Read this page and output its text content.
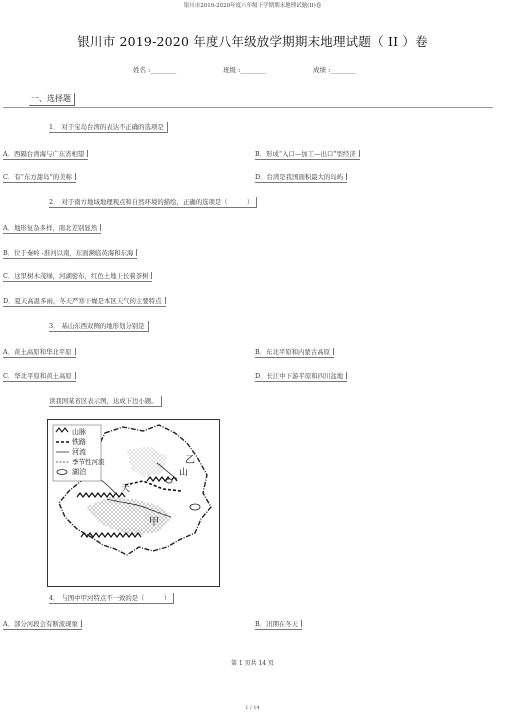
银川市2019-2020年度八年级下学期期末地理试题(II)卷
银川市 2019-2020 年度八年级放学期期末地理试题（ II ）卷
姓名 :________	班级 :________	成绩 :________
一、选择题
1． 对于宝岛台湾的表达不正确的选项是
A．西隔台湾海与广东省相望	B．形成“入口—加工—出口”型经济
C．有“东方甜岛”的美称	D．台湾是我国面积最大的岛屿
2． 对于南方地域地理观点和自然环境的描绘，正确的选项是（　　　）
A．地形复杂多样，南北差别显然
B．位于秦岭 -淮河以南，东面濒临黄海和东海
C．这里树木茂绿，河湖密布，红色土地上长着茶树
D．夏天高温多雨，冬天严寒干燥是本区天气的主要特点
3． 基山东西双侧的地形划分别是
A．黄土高原和华北平原	B．东北平原和内蒙古高原
C．华北平原和黄土高原	D．长江中下游平原和四川盆地
读我国某省区表示图，达成下边小题。
山脉
铁路
河流
季节性河流
湖泊
甲
乙
山
天
4． 与图中甲河特点不一致的是（　　　）
A．部分河段会有断流现象	B．汛期在冬天
第 1 页共 14 页
1 / 14
